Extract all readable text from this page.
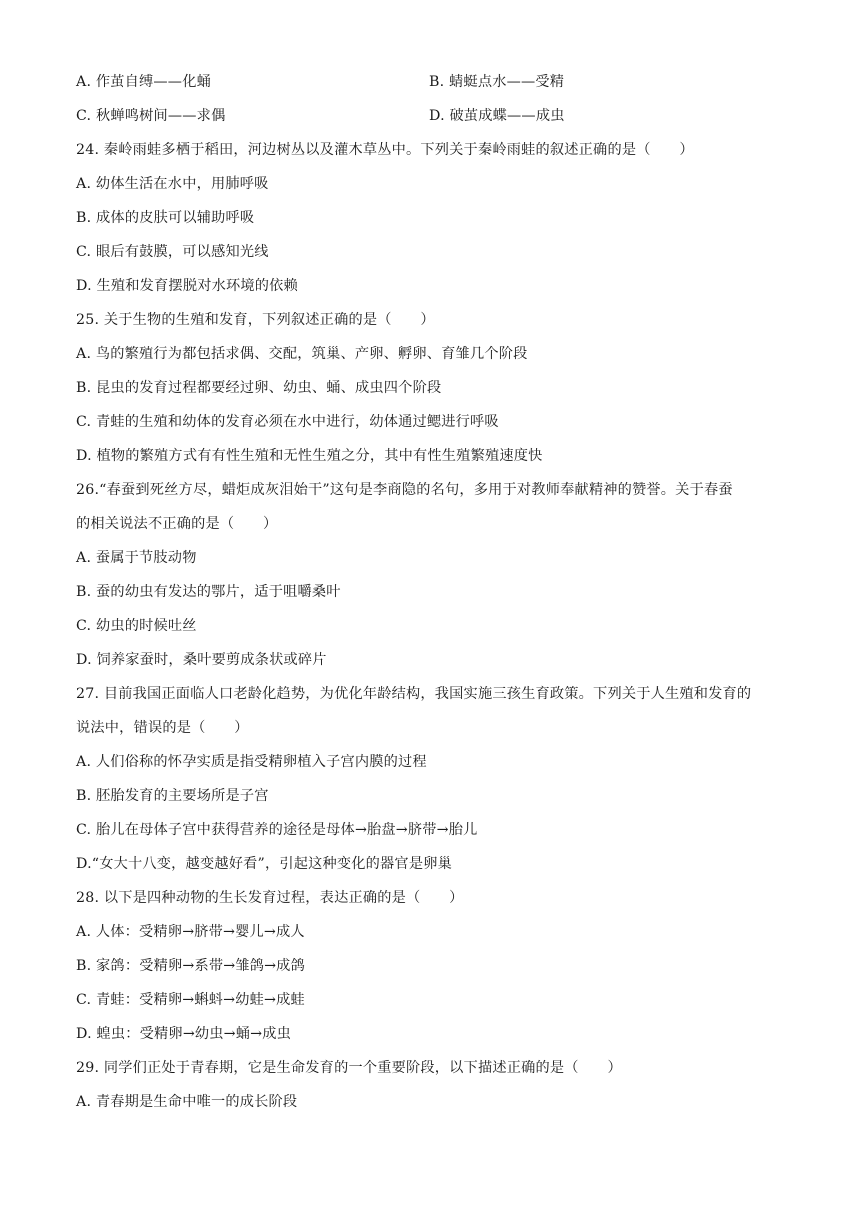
A. 作茧自缚——化蛹	B. 蜻蜓点水——受精
C. 秋蝉鸣树间——求偶	D. 破茧成蝶——成虫
24. 秦岭雨蛙多栖于稻田，河边树丛以及灌木草丛中。下列关于秦岭雨蛙的叙述正确的是（　　）
A. 幼体生活在水中，用肺呼吸
B. 成体的皮肤可以辅助呼吸
C. 眼后有鼓膜，可以感知光线
D. 生殖和发育摆脱对水环境的依赖
25. 关于生物的生殖和发育，下列叙述正确的是（　　）
A. 鸟的繁殖行为都包括求偶、交配，筑巢、产卵、孵卵、育雏几个阶段
B. 昆虫的发育过程都要经过卵、幼虫、蛹、成虫四个阶段
C. 青蛙的生殖和幼体的发育必须在水中进行，幼体通过鳃进行呼吸
D. 植物的繁殖方式有有性生殖和无性生殖之分，其中有性生殖繁殖速度快
26.“春蚕到死丝方尽，蜡炬成灰泪始干”这句是李商隐的名句，多用于对教师奉献精神的赞誉。关于春蚕
的相关说法不正确的是（　　）
A. 蚕属于节肢动物
B. 蚕的幼虫有发达的鄂片，适于咀嚼桑叶
C. 幼虫的时候吐丝
D. 饲养家蚕时，桑叶要剪成条状或碎片
27. 目前我国正面临人口老龄化趋势，为优化年龄结构，我国实施三孩生育政策。下列关于人生殖和发育的
说法中，错误的是（　　）
A. 人们俗称的怀孕实质是指受精卵植入子宫内膜的过程
B. 胚胎发育的主要场所是子宫
C. 胎儿在母体子宫中获得营养的途径是母体→胎盘→脐带→胎儿
D.“女大十八变，越变越好看”，引起这种变化的器官是卵巢
28. 以下是四种动物的生长发育过程，表达正确的是（　　）
A. 人体：受精卵→脐带→婴儿→成人
B. 家鸽：受精卵→系带→雏鸽→成鸽
C. 青蛙：受精卵→蝌蚪→幼蛙→成蛙
D. 蝗虫：受精卵→幼虫→蛹→成虫
29. 同学们正处于青春期，它是生命发育的一个重要阶段，以下描述正确的是（　　）
A. 青春期是生命中唯一的成长阶段
